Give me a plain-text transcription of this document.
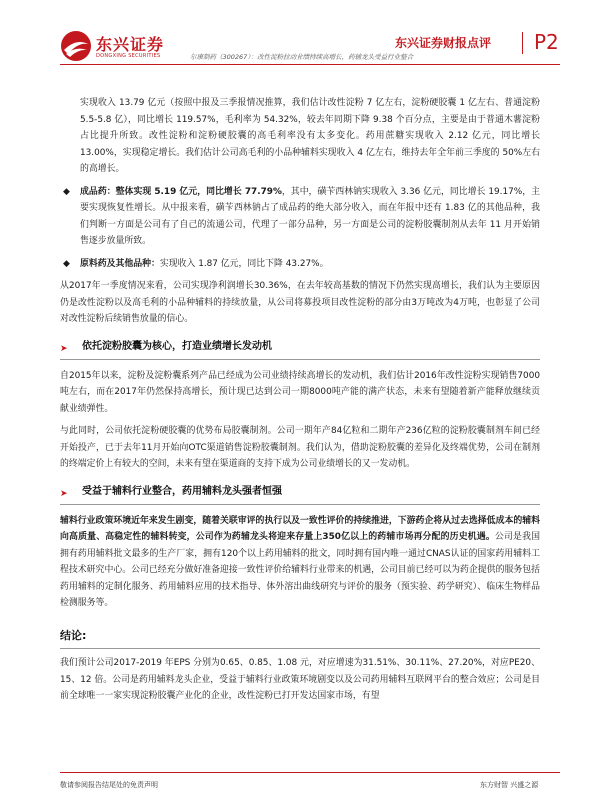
东兴证券
DONGXING SECURITIES
东兴证券财报点评 P2
尔康制药（300267）：改性淀粉拉动业绩持续高增长，药辅龙头受益行业整合

实现收入 13.79 亿元（按照中报及三季报情况推算，我们估计改性淀粉 7 亿左右，淀粉硬胶囊 1 亿左右、普通淀粉 5.5-5.8 亿），同比增长 119.57%，毛利率为 54.32%，较去年同期下降 9.38 个百分点，主要是由于普通木薯淀粉占比提升所致。改性淀粉和淀粉硬胶囊的高毛利率没有太多变化。药用蔗糖实现收入 2.12 亿元，同比增长 13.00%，实现稳定增长。我们估计公司高毛利的小品种辅料实现收入 4 亿左右，维持去年全年前三季度的 50%左右的高增长。

◆ 成品药：整体实现 5.19 亿元，同比增长 77.79%，其中，磺苄西林钠实现收入 3.36 亿元，同比增长 19.17%，主要实现恢复性增长。从中报来看，磺苄西林钠占了成品药的绝大部分收入，而在年报中还有 1.83 亿的其他品种，我们判断一方面是公司有了自己的流通公司，代理了一部分品种，另一方面是公司的淀粉胶囊制剂从去年 11 月开始销售逐步放量所致。

◆ 原料药及其他品种：实现收入 1.87 亿元，同比下降 43.27%。

从2017年一季度情况来看，公司实现净利润增长30.36%，在去年较高基数的情况下仍然实现高增长，我们认为主要原因仍是改性淀粉以及高毛利的小品种辅料的持续放量，从公司将募投项目改性淀粉的部分由3万吨改为4万吨，也彰显了公司对改性淀粉后续销售放量的信心。

➤ 依托淀粉胶囊为核心，打造业绩增长发动机

自2015年以来，淀粉及淀粉囊系列产品已经成为公司业绩持续高增长的发动机，我们估计2016年改性淀粉实现销售7000吨左右，而在2017年仍然保持高增长，预计现已达到公司一期8000吨产能的满产状态，未来有望随着新产能释放继续贡献业绩弹性。

与此同时，公司依托淀粉硬胶囊的优势布局胶囊制剂。公司一期年产84亿粒和二期年产236亿粒的淀粉胶囊制剂车间已经开始投产，已于去年11月开始向OTC渠道销售淀粉胶囊制剂。我们认为，借助淀粉胶囊的差异化及终端优势，公司在制剂的终端定价上有较大的空间，未来有望在渠道商的支持下成为公司业绩增长的又一发动机。

➤ 受益于辅料行业整合，药用辅料龙头强者恒强

辅料行业政策环境近年来发生剧变，随着关联审评的执行以及一致性评价的持续推进，下游药企将从过去选择低成本的辅料向高质量、高稳定性的辅料转变，公司作为药辅龙头将迎来存量上350亿以上的药辅市场再分配的历史机遇。公司是我国拥有药用辅料批文最多的生产厂家，拥有120个以上药用辅料的批文，同时拥有国内唯一通过CNAS认证的国家药用辅料工程技术研究中心。公司已经充分做好准备迎接一致性评价给辅料行业带来的机遇，公司目前已经可以为药企提供的服务包括药用辅料的定制化服务、药用辅料应用的技术指导、体外溶出曲线研究与评价的服务（预实验、药学研究）、临床生物样品检测服务等。

结论:

我们预计公司2017-2019 年EPS 分别为0.65、0.85、1.08 元，对应增速为31.51%、30.11%、27.20%，对应PE20、15、12 倍。公司是药用辅料龙头企业，受益于辅料行业政策环境剧变以及公司药用辅料互联网平台的整合效应；公司是目前全球唯一一家实现淀粉胶囊产业化的企业，改性淀粉已打开发达国家市场，有望

敬请参阅报告结尾处的免责声明	东方财智 兴盛之源
